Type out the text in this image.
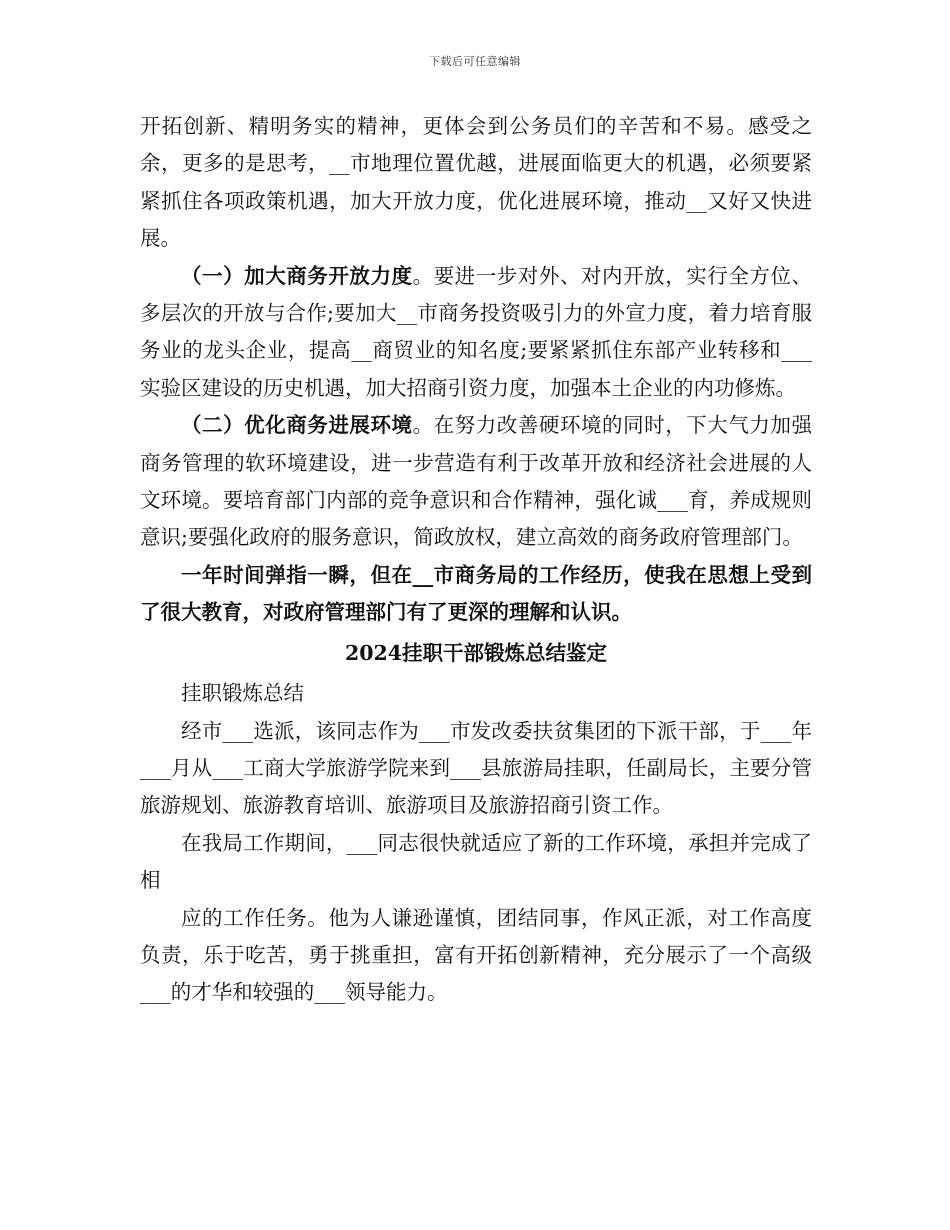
下载后可任意编辑

开拓创新、精明务实的精神，更体会到公务员们的辛苦和不易。感受之余，更多的是思考，__市地理位置优越，进展面临更大的机遇，必须要紧紧抓住各项政策机遇，加大开放力度，优化进展环境，推动__又好又快进展。

（一）加大商务开放力度。要进一步对外、对内开放，实行全方位、多层次的开放与合作;要加大__市商务投资吸引力的外宣力度，着力培育服务业的龙头企业，提高__商贸业的知名度;要紧紧抓住东部产业转移和___实验区建设的历史机遇，加大招商引资力度，加强本土企业的内功修炼。

（二）优化商务进展环境。在努力改善硬环境的同时，下大气力加强商务管理的软环境建设，进一步营造有利于改革开放和经济社会进展的人文环境。要培育部门内部的竞争意识和合作精神，强化诚___育，养成规则意识;要强化政府的服务意识，简政放权，建立高效的商务政府管理部门。

一年时间弹指一瞬，但在__市商务局的工作经历，使我在思想上受到了很大教育，对政府管理部门有了更深的理解和认识。

2024挂职干部锻炼总结鉴定

挂职锻炼总结

经市___选派，该同志作为___市发改委扶贫集团的下派干部，于___年___月从___工商大学旅游学院来到___县旅游局挂职，任副局长，主要分管旅游规划、旅游教育培训、旅游项目及旅游招商引资工作。

在我局工作期间，___同志很快就适应了新的工作环境，承担并完成了相

应的工作任务。他为人谦逊谨慎，团结同事，作风正派，对工作高度负责，乐于吃苦，勇于挑重担，富有开拓创新精神，充分展示了一个高级___的才华和较强的___领导能力。
